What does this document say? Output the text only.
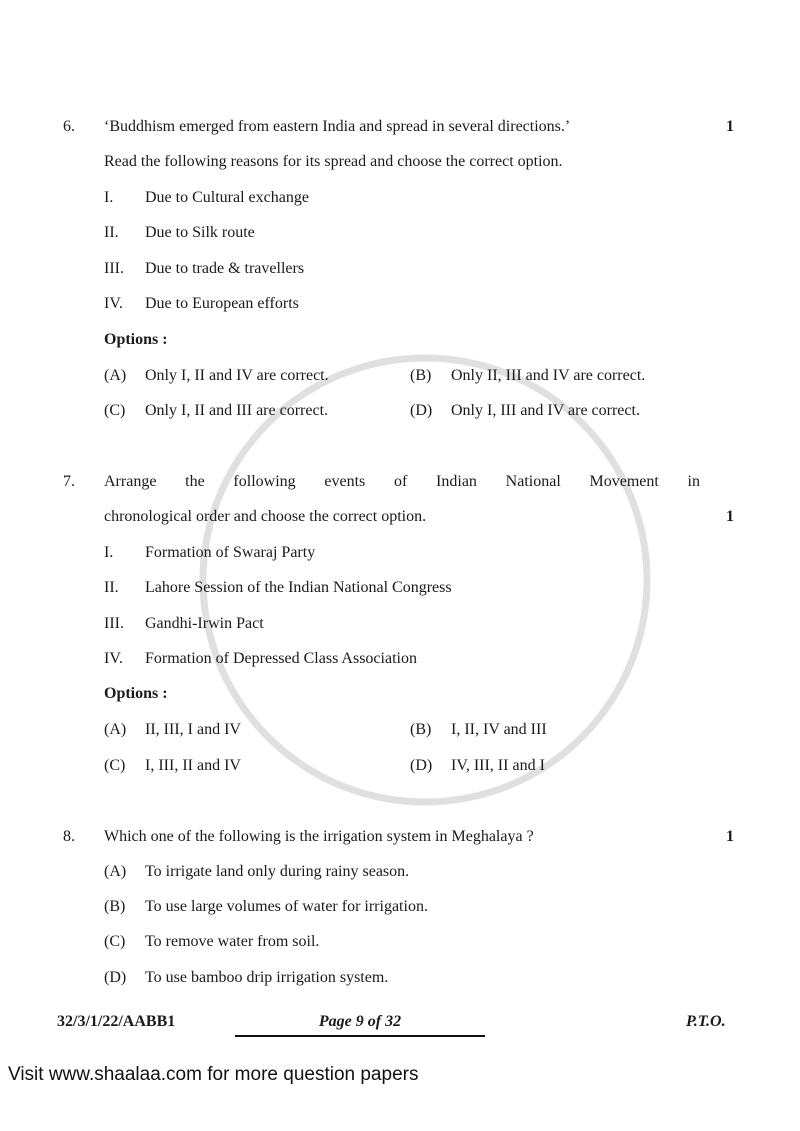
6. ‘Buddhism emerged from eastern India and spread in several directions.’	1
Read the following reasons for its spread and choose the correct option.
I. Due to Cultural exchange
II. Due to Silk route
III. Due to trade & travellers
IV. Due to European efforts
Options :
(A) Only I, II and IV are correct.	(B) Only II, III and IV are correct.
(C) Only I, II and III are correct.	(D) Only I, III and IV are correct.
7. Arrange the following events of Indian National Movement in
chronological order and choose the correct option.	1
I. Formation of Swaraj Party
II. Lahore Session of the Indian National Congress
III. Gandhi-Irwin Pact
IV. Formation of Depressed Class Association
Options :
(A) II, III, I and IV	(B) I, II, IV and III
(C) I, III, II and IV	(D) IV, III, II and I
8. Which one of the following is the irrigation system in Meghalaya ?	1
(A) To irrigate land only during rainy season.
(B) To use large volumes of water for irrigation.
(C) To remove water from soil.
(D) To use bamboo drip irrigation system.
32/3/1/22/AABB1	Page 9 of 32	P.T.O.
Visit www.shaalaa.com for more question papers
